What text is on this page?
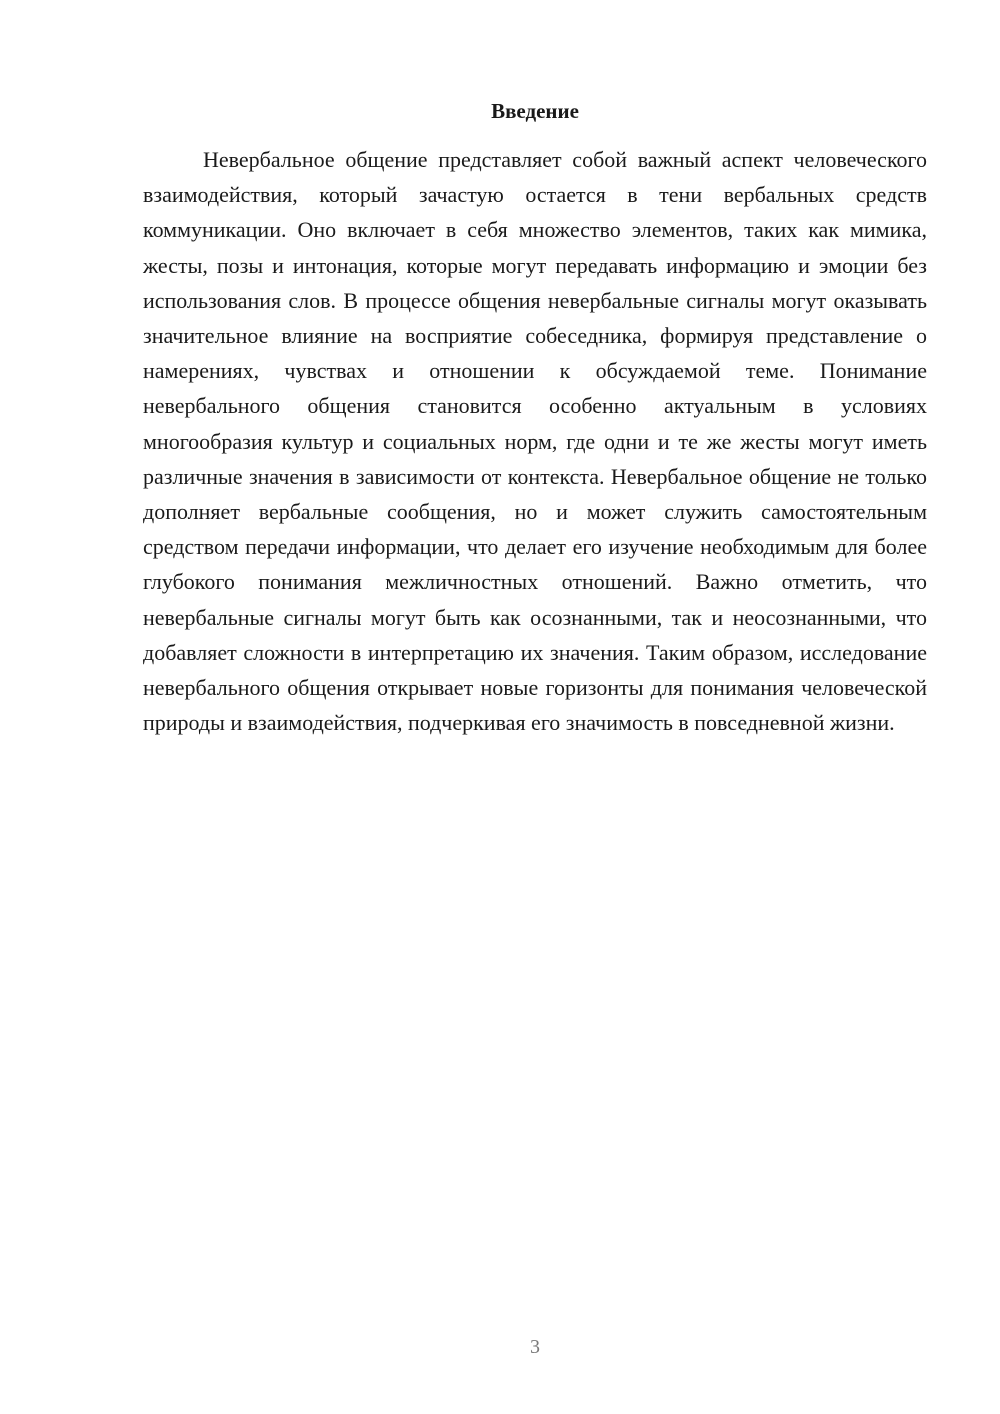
Введение

Невербальное общение представляет собой важный аспект человеческого взаимодействия, который зачастую остается в тени вербальных средств коммуникации. Оно включает в себя множество элементов, таких как мимика, жесты, позы и интонация, которые могут передавать информацию и эмоции без использования слов. В процессе общения невербальные сигналы могут оказывать значительное влияние на восприятие собеседника, формируя представление о намерениях, чувствах и отношении к обсуждаемой теме. Понимание невербального общения становится особенно актуальным в условиях многообразия культур и социальных норм, где одни и те же жесты могут иметь различные значения в зависимости от контекста. Невербальное общение не только дополняет вербальные сообщения, но и может служить самостоятельным средством передачи информации, что делает его изучение необходимым для более глубокого понимания межличностных отношений. Важно отметить, что невербальные сигналы могут быть как осознанными, так и неосознанными, что добавляет сложности в интерпретацию их значения. Таким образом, исследование невербального общения открывает новые горизонты для понимания человеческой природы и взаимодействия, подчеркивая его значимость в повседневной жизни.

3
